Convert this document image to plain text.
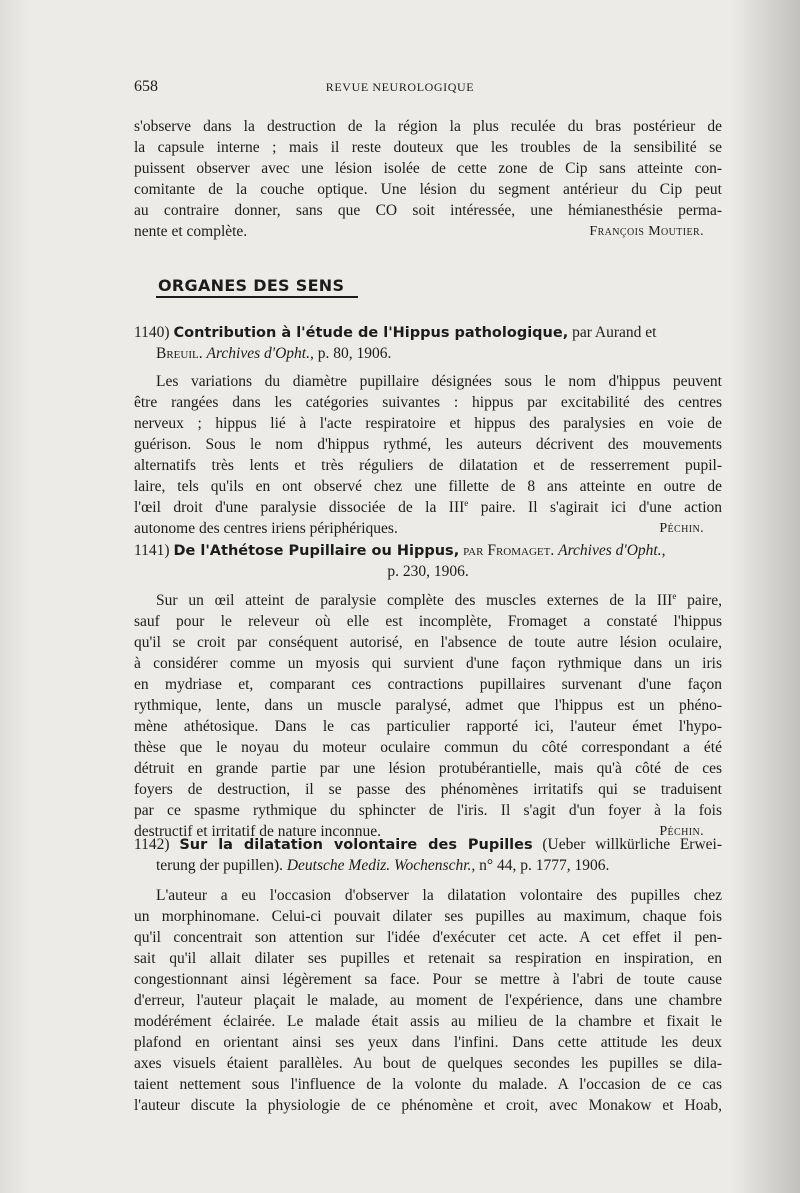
658	REVUE NEUROLOGIQUE
s'observe dans la destruction de la région la plus reculée du bras postérieur de
la capsule interne ; mais il reste douteux que les troubles de la sensibilité se
puissent observer avec une lésion isolée de cette zone de Cip sans atteinte con-
comitante de la couche optique. Une lésion du segment antérieur du Cip peut
au contraire donner, sans que CO soit intéressée, une hémianesthésie perma-
nente et complète.	François Moutier.
ORGANES DES SENS
1140) Contribution à l'étude de l'Hippus pathologique, par Aurand et
Breuil. Archives d'Opht., p. 80, 1906.
Les variations du diamètre pupillaire désignées sous le nom d'hippus peuvent
être rangées dans les catégories suivantes : hippus par excitabilité des centres
nerveux ; hippus lié à l'acte respiratoire et hippus des paralysies en voie de
guérison. Sous le nom d'hippus rythmé, les auteurs décrivent des mouvements
alternatifs très lents et très réguliers de dilatation et de resserrement pupil-
laire, tels qu'ils en ont observé chez une fillette de 8 ans atteinte en outre de
l'œil droit d'une paralysie dissociée de la IIIe paire. Il s'agirait ici d'une action
autonome des centres iriens périphériques.	Péchin.
1141) De l'Athétose Pupillaire ou Hippus, par Fromaget. Archives d'Opht.,
p. 230, 1906.
Sur un œil atteint de paralysie complète des muscles externes de la IIIe paire,
sauf pour le releveur où elle est incomplète, Fromaget a constaté l'hippus
qu'il se croit par conséquent autorisé, en l'absence de toute autre lésion oculaire,
à considérer comme un myosis qui survient d'une façon rythmique dans un iris
en mydriase et, comparant ces contractions pupillaires survenant d'une façon
rythmique, lente, dans un muscle paralysé, admet que l'hippus est un phéno-
mène athétosique. Dans le cas particulier rapporté ici, l'auteur émet l'hypo-
thèse que le noyau du moteur oculaire commun du côté correspondant a été
détruit en grande partie par une lésion protubérantielle, mais qu'à côté de ces
foyers de destruction, il se passe des phénomènes irritatifs qui se traduisent
par ce spasme rythmique du sphincter de l'iris. Il s'agit d'un foyer à la fois
destructif et irritatif de nature inconnue.	Péchin.
1142) Sur la dilatation volontaire des Pupilles (Ueber willkürliche Erwei-
terung der pupillen). Deutsche Mediz. Wochenschr., n° 44, p. 1777, 1906.
L'auteur a eu l'occasion d'observer la dilatation volontaire des pupilles chez
un morphinomane. Celui-ci pouvait dilater ses pupilles au maximum, chaque fois
qu'il concentrait son attention sur l'idée d'exécuter cet acte. A cet effet il pen-
sait qu'il allait dilater ses pupilles et retenait sa respiration en inspiration, en
congestionnant ainsi légèrement sa face. Pour se mettre à l'abri de toute cause
d'erreur, l'auteur plaçait le malade, au moment de l'expérience, dans une chambre
modérément éclairée. Le malade était assis au milieu de la chambre et fixait le
plafond en orientant ainsi ses yeux dans l'infini. Dans cette attitude les deux
axes visuels étaient parallèles. Au bout de quelques secondes les pupilles se dila-
taient nettement sous l'influence de la volonte du malade. A l'occasion de ce cas
l'auteur discute la physiologie de ce phénomène et croit, avec Monakow et Hoab,
